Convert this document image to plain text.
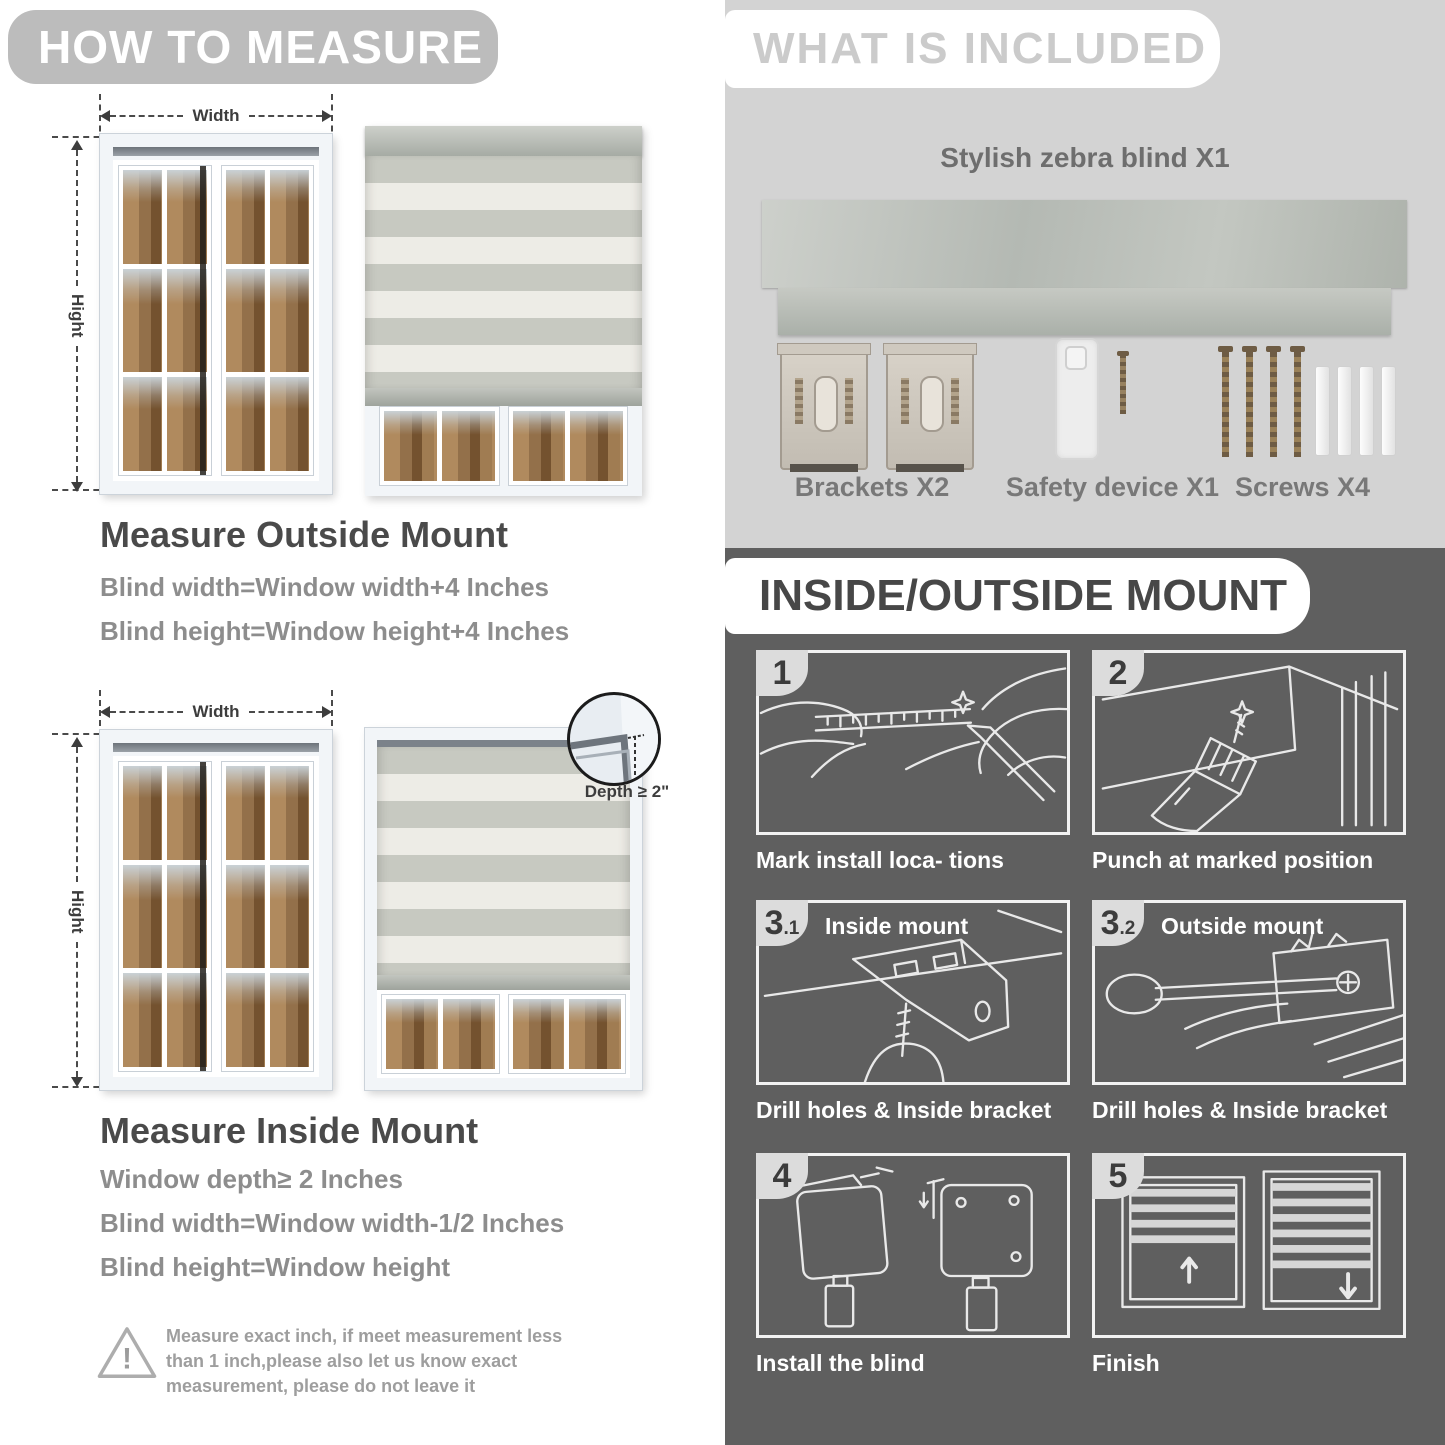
HOW TO MEASURE
Width
Hight
Measure Outside Mount
Blind width=Window width+4 Inches
Blind height=Window height+4 Inches
Width
Hight
Depth ≥ 2"
Measure Inside Mount
Window depth≥ 2 Inches
Blind width=Window width-1/2 Inches
Blind height=Window height
!
Measure exact inch, if meet measurement less than 1 inch,please also let us know exact measurement, please do not leave it
WHAT IS INCLUDED
Stylish zebra blind X1
Brackets X2	Safety device X1 Screws X4
INSIDE/OUTSIDE MOUNT
1
Mark install loca- tions
2
Punch at marked position
3 .1 Inside mount
Drill holes & Inside bracket
3 .2 Outside mount
Drill holes & Inside bracket
4
Install the blind
5
Finish
